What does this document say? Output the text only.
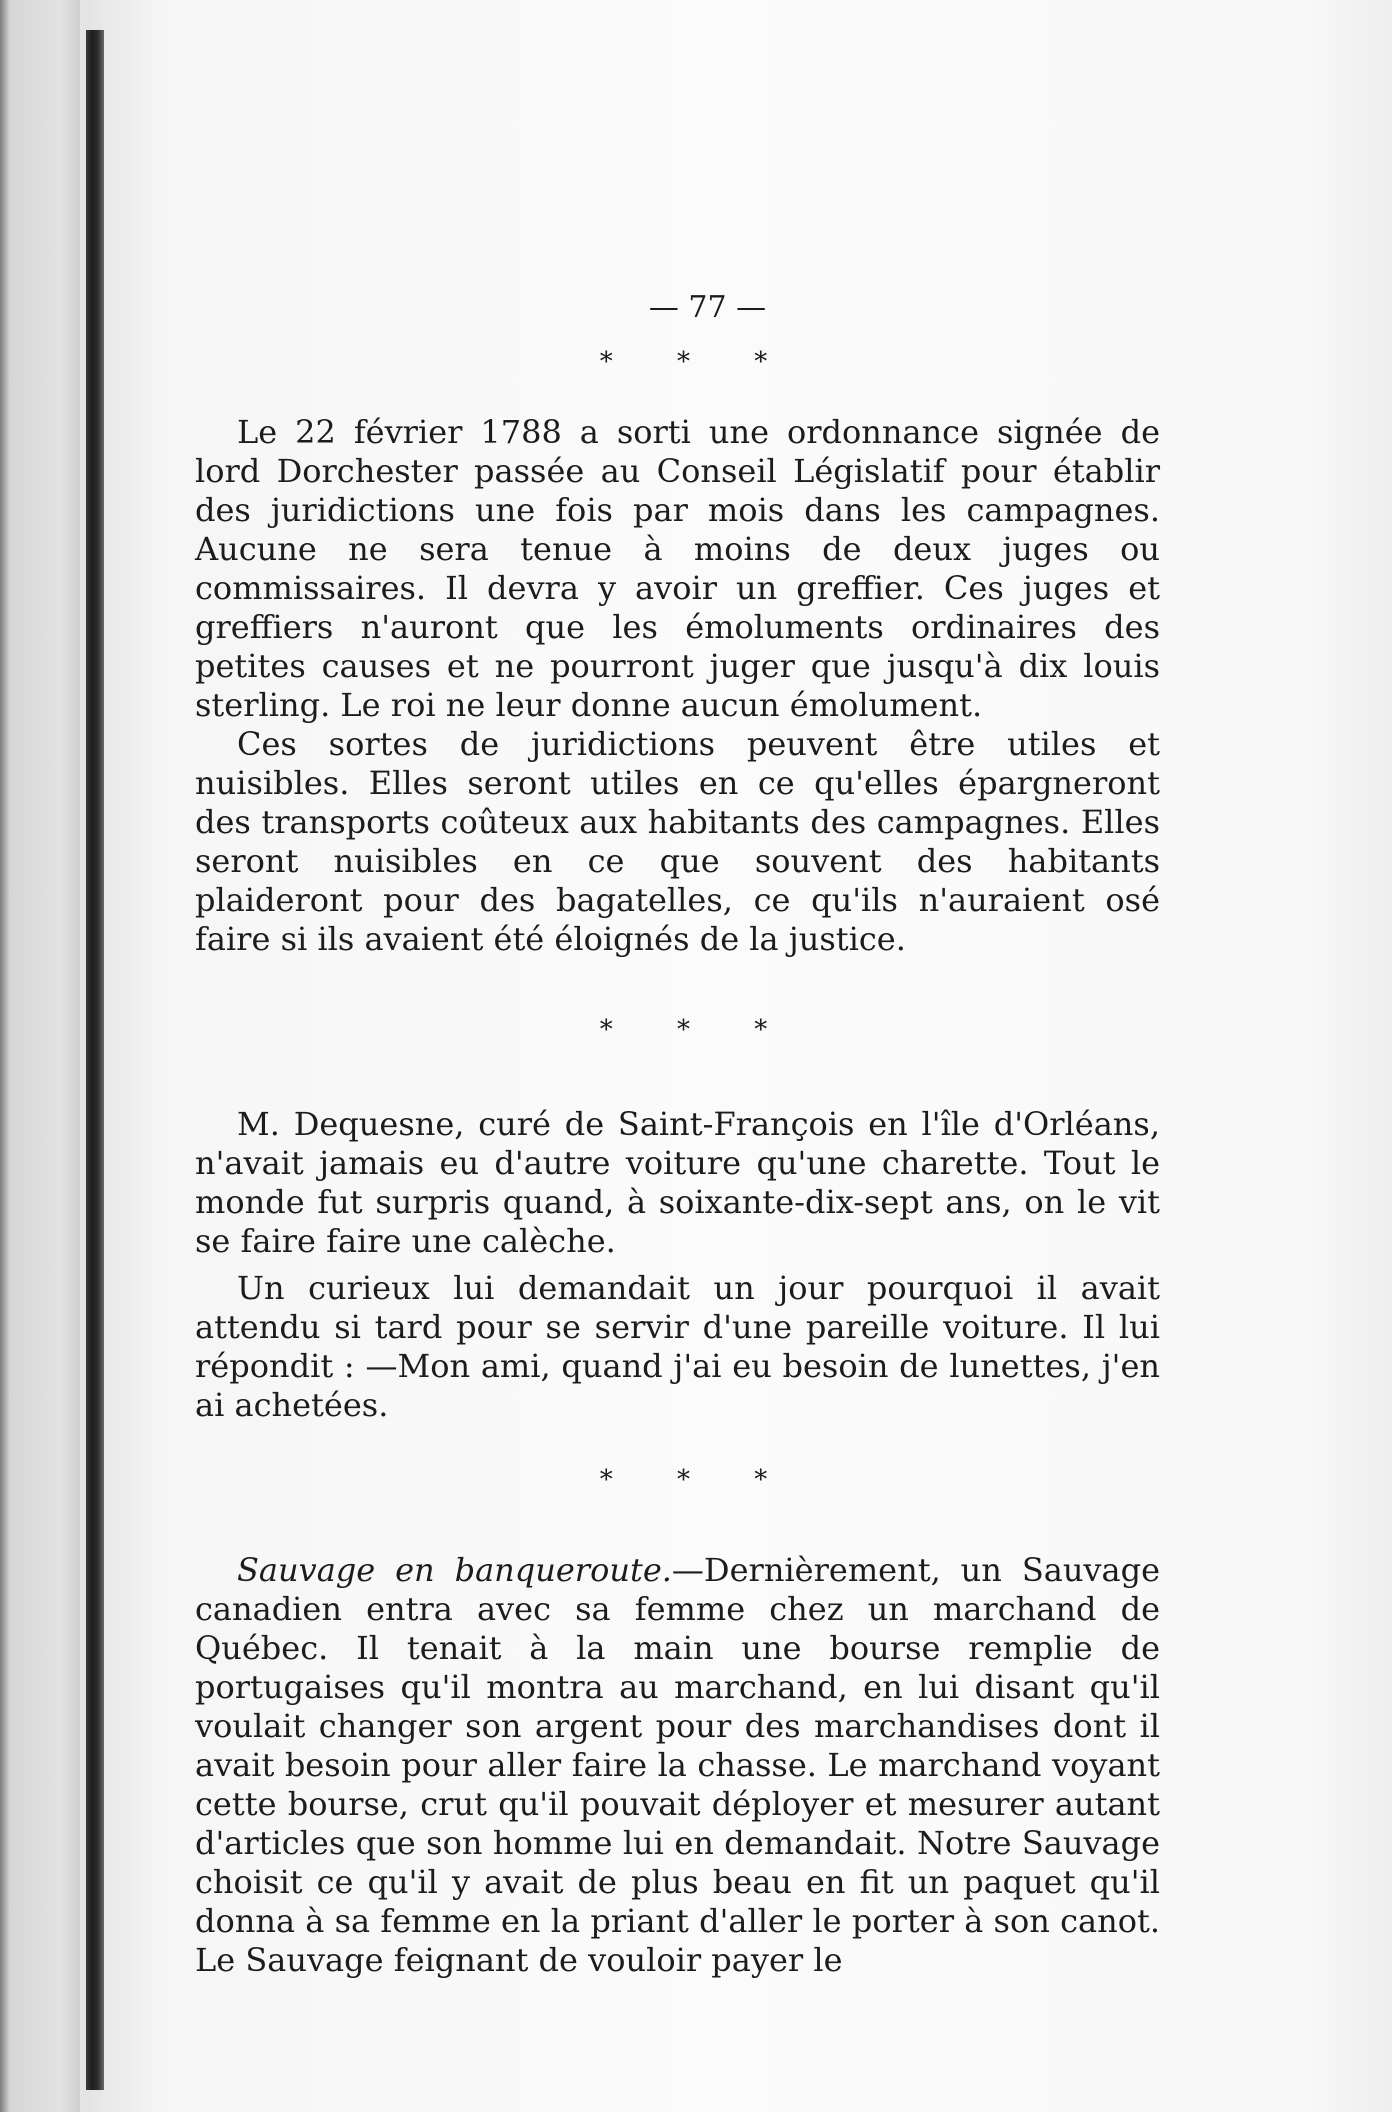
— 77 —

* * *

Le 22 février 1788 a sorti une ordonnance signée de lord Dorchester passée au Conseil Législatif pour établir des juridictions une fois par mois dans les campagnes. Aucune ne sera tenue à moins de deux juges ou commissaires. Il devra y avoir un greffier. Ces juges et greffiers n'auront que les émoluments ordinaires des petites causes et ne pourront juger que jusqu'à dix louis sterling. Le roi ne leur donne aucun émolument.

Ces sortes de juridictions peuvent être utiles et nuisibles. Elles seront utiles en ce qu'elles épargneront des transports coûteux aux habitants des campagnes. Elles seront nuisibles en ce que souvent des habitants plaideront pour des bagatelles, ce qu'ils n'auraient osé faire si ils avaient été éloignés de la justice.

* * *

M. Dequesne, curé de Saint-François en l'île d'Orléans, n'avait jamais eu d'autre voiture qu'une charette. Tout le monde fut surpris quand, à soixante-dix-sept ans, on le vit se faire faire une calèche.

Un curieux lui demandait un jour pourquoi il avait attendu si tard pour se servir d'une pareille voiture. Il lui répondit : —Mon ami, quand j'ai eu besoin de lunettes, j'en ai achetées.

* * *

Sauvage en banqueroute.—Dernièrement, un Sauvage canadien entra avec sa femme chez un marchand de Québec. Il tenait à la main une bourse remplie de portugaises qu'il montra au marchand, en lui disant qu'il voulait changer son argent pour des marchandises dont il avait besoin pour aller faire la chasse. Le marchand voyant cette bourse, crut qu'il pouvait déployer et mesurer autant d'articles que son homme lui en demandait. Notre Sauvage choisit ce qu'il y avait de plus beau en fit un paquet qu'il donna à sa femme en la priant d'aller le porter à son canot. Le Sauvage feignant de vouloir payer le
